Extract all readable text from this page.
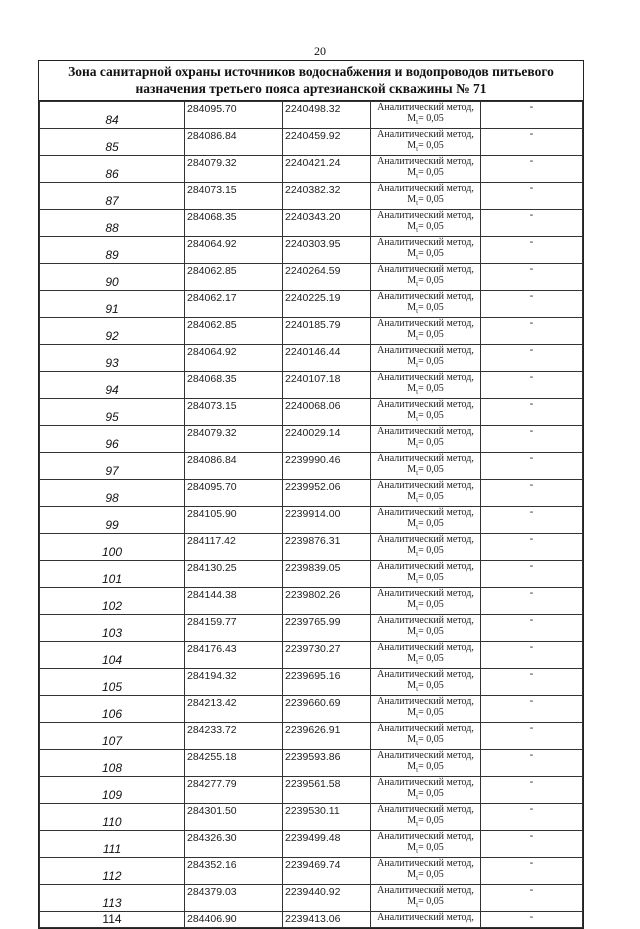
20
Зона санитарной охраны источников водоснабжения и водопроводов питьевого назначения третьего пояса артезианской скважины № 71
84	284095.70	2240498.32	Аналитический метод,
$M_t= 0,05$	-
85	284086.84	2240459.92	Аналитический метод,
$M_t= 0,05$	-
86	284079.32	2240421.24	Аналитический метод,
$M_t= 0,05$	-
87	284073.15	2240382.32	Аналитический метод,
$M_t= 0,05$	-
88	284068.35	2240343.20	Аналитический метод,
$M_t= 0,05$	-
89	284064.92	2240303.95	Аналитический метод,
$M_t= 0,05$	-
90	284062.85	2240264.59	Аналитический метод,
$M_t= 0,05$	-
91	284062.17	2240225.19	Аналитический метод,
$M_t= 0,05$	-
92	284062.85	2240185.79	Аналитический метод,
$M_t= 0,05$	-
93	284064.92	2240146.44	Аналитический метод,
$M_t= 0,05$	-
94	284068.35	2240107.18	Аналитический метод,
$M_t= 0,05$	-
95	284073.15	2240068.06	Аналитический метод,
$M_t= 0,05$	-
96	284079.32	2240029.14	Аналитический метод,
$M_t= 0,05$	-
97	284086.84	2239990.46	Аналитический метод,
$M_t= 0,05$	-
98	284095.70	2239952.06	Аналитический метод,
$M_t= 0,05$	-
99	284105.90	2239914.00	Аналитический метод,
$M_t= 0,05$	-
100	284117.42	2239876.31	Аналитический метод,
$M_t= 0,05$	-
101	284130.25	2239839.05	Аналитический метод,
$M_t= 0,05$	-
102	284144.38	2239802.26	Аналитический метод,
$M_t= 0,05$	-
103	284159.77	2239765.99	Аналитический метод,
$M_t= 0,05$	-
104	284176.43	2239730.27	Аналитический метод,
$M_t= 0,05$	-
105	284194.32	2239695.16	Аналитический метод,
$M_t= 0,05$	-
106	284213.42	2239660.69	Аналитический метод,
$M_t= 0,05$	-
107	284233.72	2239626.91	Аналитический метод,
$M_t= 0,05$	-
108	284255.18	2239593.86	Аналитический метод,
$M_t= 0,05$	-
109	284277.79	2239561.58	Аналитический метод,
$M_t= 0,05$	-
110	284301.50	2239530.11	Аналитический метод,
$M_t= 0,05$	-
111	284326.30	2239499.48	Аналитический метод,
$M_t= 0,05$	-
112	284352.16	2239469.74	Аналитический метод,
$M_t= 0,05$	-
113	284379.03	2239440.92	Аналитический метод,
$M_t= 0,05$	-
114	284406.90	2239413.06	Аналитический метод,	-
